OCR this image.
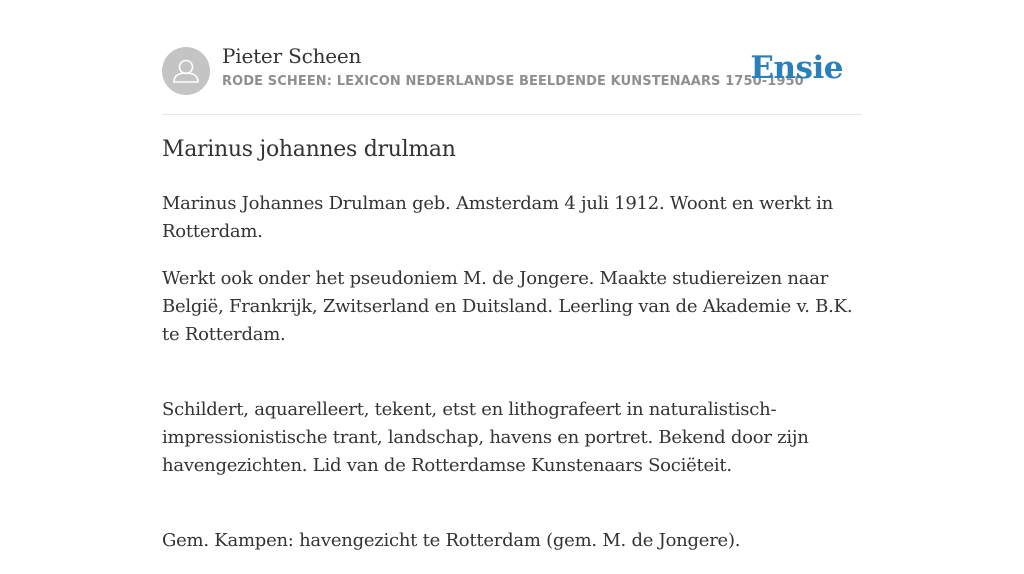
Pieter Scheen
RODE SCHEEN: LEXICON NEDERLANDSE BEELDENDE KUNSTENAARS 1750-1950
Ensie
Marinus johannes drulman

Marinus Johannes Drulman geb. Amsterdam 4 juli 1912. Woont en werkt in Rotterdam.

Werkt ook onder het pseudoniem M. de Jongere. Maakte studiereizen naar België, Frankrijk, Zwitserland en Duitsland. Leerling van de Akademie v. B.K. te Rotterdam.

Schildert, aquarelleert, tekent, etst en lithografeert in naturalistisch-impressionistische trant, landschap, havens en portret. Bekend door zijn havengezichten. Lid van de Rotterdamse Kunstenaars Sociëteit.

Gem. Kampen: havengezicht te Rotterdam (gem. M. de Jongere).
